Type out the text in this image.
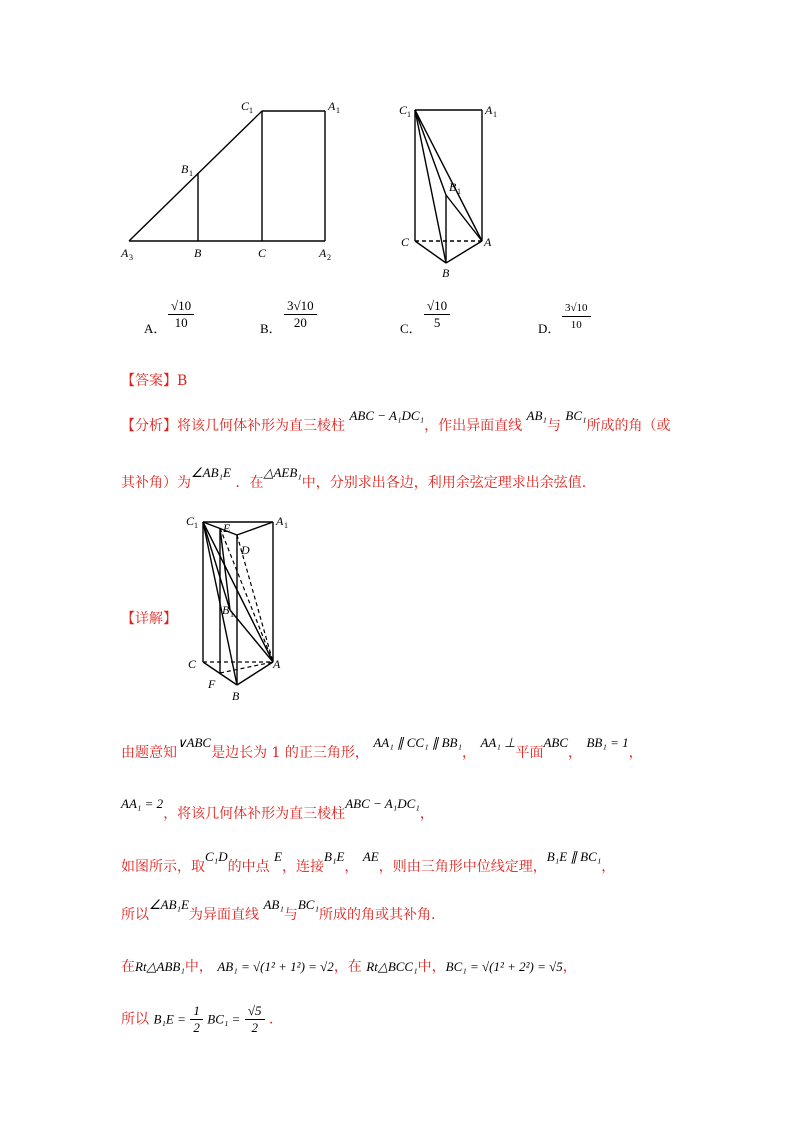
C 1	A 1
B 1
A 3	B	C	A 2
C 1	A 1
B 1
C	A
B
A． $\frac{√10}{10}$	B． $\frac{3√10}{20}$	C． $\frac{√10}{5}$	D． $\frac{3√10}{10}$
【答案】B
【分析】将该几何体补形为直三棱柱 ABC − A₁DC₁，作出异面直线 AB₁与 BC₁所成的角（或
其补角）为∠AB₁E ．在△AEB₁中，分别求出各边，利用余弦定理求出余弦值.
【详解】
C 1 E	A 1
D
B 1
C	A
F
B
由题意知∨ABC是边长为 1 的正三角形， AA₁ ∥ CC₁ ∥ BB₁， AA₁ ⊥平面ABC， BB₁ = 1，
AA₁ = 2，将该几何体补形为直三棱柱ABC − A₁DC₁，
如图所示，取C₁D的中点 E，连接B₁E， AE，则由三角形中位线定理，B₁E ∥ BC₁，
所以∠AB₁E为异面直线 AB₁与BC₁所成的角或其补角.
在Rt△ABB₁中， AB₁ = √(1² + 1²) = √2，在 Rt△BCC₁中，BC₁ = √(1² + 2²) = √5，
所以 $B_1E = \frac{1}{2} BC_1 = \frac{√5}{2}$ .
